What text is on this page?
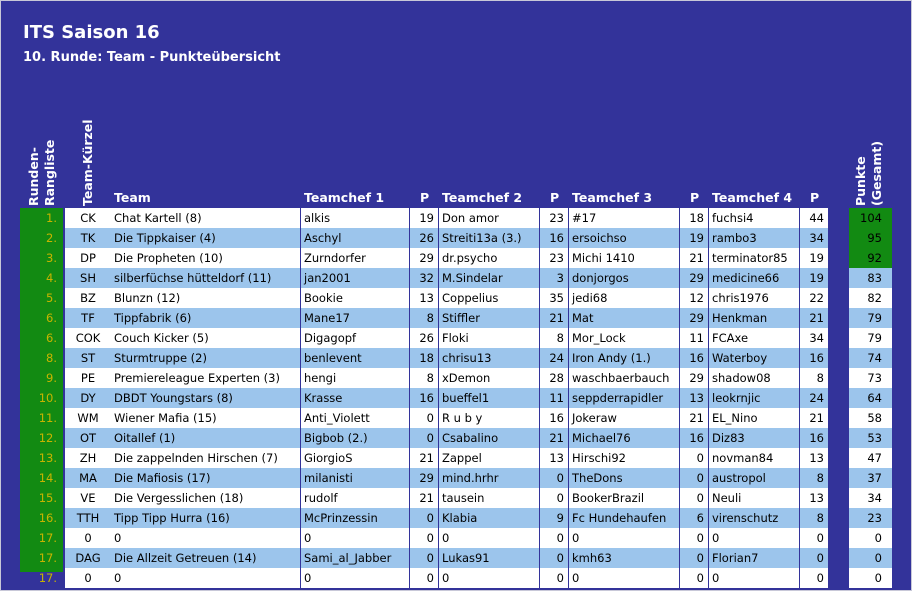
ITS Saison 16
10. Runde: Team - Punkteübersicht
Runden- Rangliste Team-Kürzel	Punkte (Gesamt)
Team	Teamchef 1	P Teamchef 2 P Teamchef 3	P Teamchef 4 P
1.	CK	Chat Kartell (8)	alkis	19 Don amor	23 #17	18 fuchsi4	44	104
2.	TK	Die Tippkaiser (4)	Aschyl	26 Streiti13a (3.)	16 ersoichso	19 rambo3	34	95
3.	DP	Die Propheten (10)	Zurndorfer	29 dr.psycho	23 Michi 1410	21 terminator85	19	92
4.	SH	silberfüchse hütteldorf (11)	jan2001	32 M.Sindelar	3 donjorgos	29 medicine66	19	83
5.	BZ	Blunzn (12)	Bookie	13 Coppelius	35 jedi68	12 chris1976	22	82
6.	TF	Tippfabrik (6)	Mane17	8 Stiffler	21 Mat	29 Henkman	21	79
6.	COK	Couch Kicker (5)	Digagopf	26 Floki	8 Mor_Lock	11 FCAxe	34	79
8.	ST	Sturmtruppe (2)	benlevent	18 chrisu13	24 Iron Andy (1.)	16 Waterboy	16	74
9.	PE	Premiereleague Experten (3)	hengi	8 xDemon	28 waschbaerbauch	29 shadow08	8	73
10.	DY	DBDT Youngstars (8)	Krasse	16 bueffel1	11 seppderrapidler	13 leokrnjic	24	64
11.	WM	Wiener Mafia (15)	Anti_Violett	0 R u b y	16 Jokeraw	21 EL_Nino	21	58
12.	OT	Oitallef (1)	Bigbob (2.)	0 Csabalino	21 Michael76	16 Diz83	16	53
13.	ZH	Die zappelnden Hirschen (7)	GiorgioS	21 Zappel	13 Hirschi92	0 novman84	13	47
14.	MA	Die Mafiosis (17)	milanisti	29 mind.hrhr	0 TheDons	0 austropol	8	37
15.	VE	Die Vergesslichen (18)	rudolf	21 tausein	0 BookerBrazil	0 Neuli	13	34
16.	TTH	Tipp Tipp Hurra (16)	McPrinzessin	0 Klabia	9 Fc Hundehaufen	6 virenschutz	8	23
17.	0	0	0	0 0	0 0	0 0	0	0
17.	DAG	Die Allzeit Getreuen (14)	Sami_al_Jabber	0 Lukas91	0 kmh63	0 Florian7	0	0
17.	0	0	0	0 0	0 0	0 0	0	0
